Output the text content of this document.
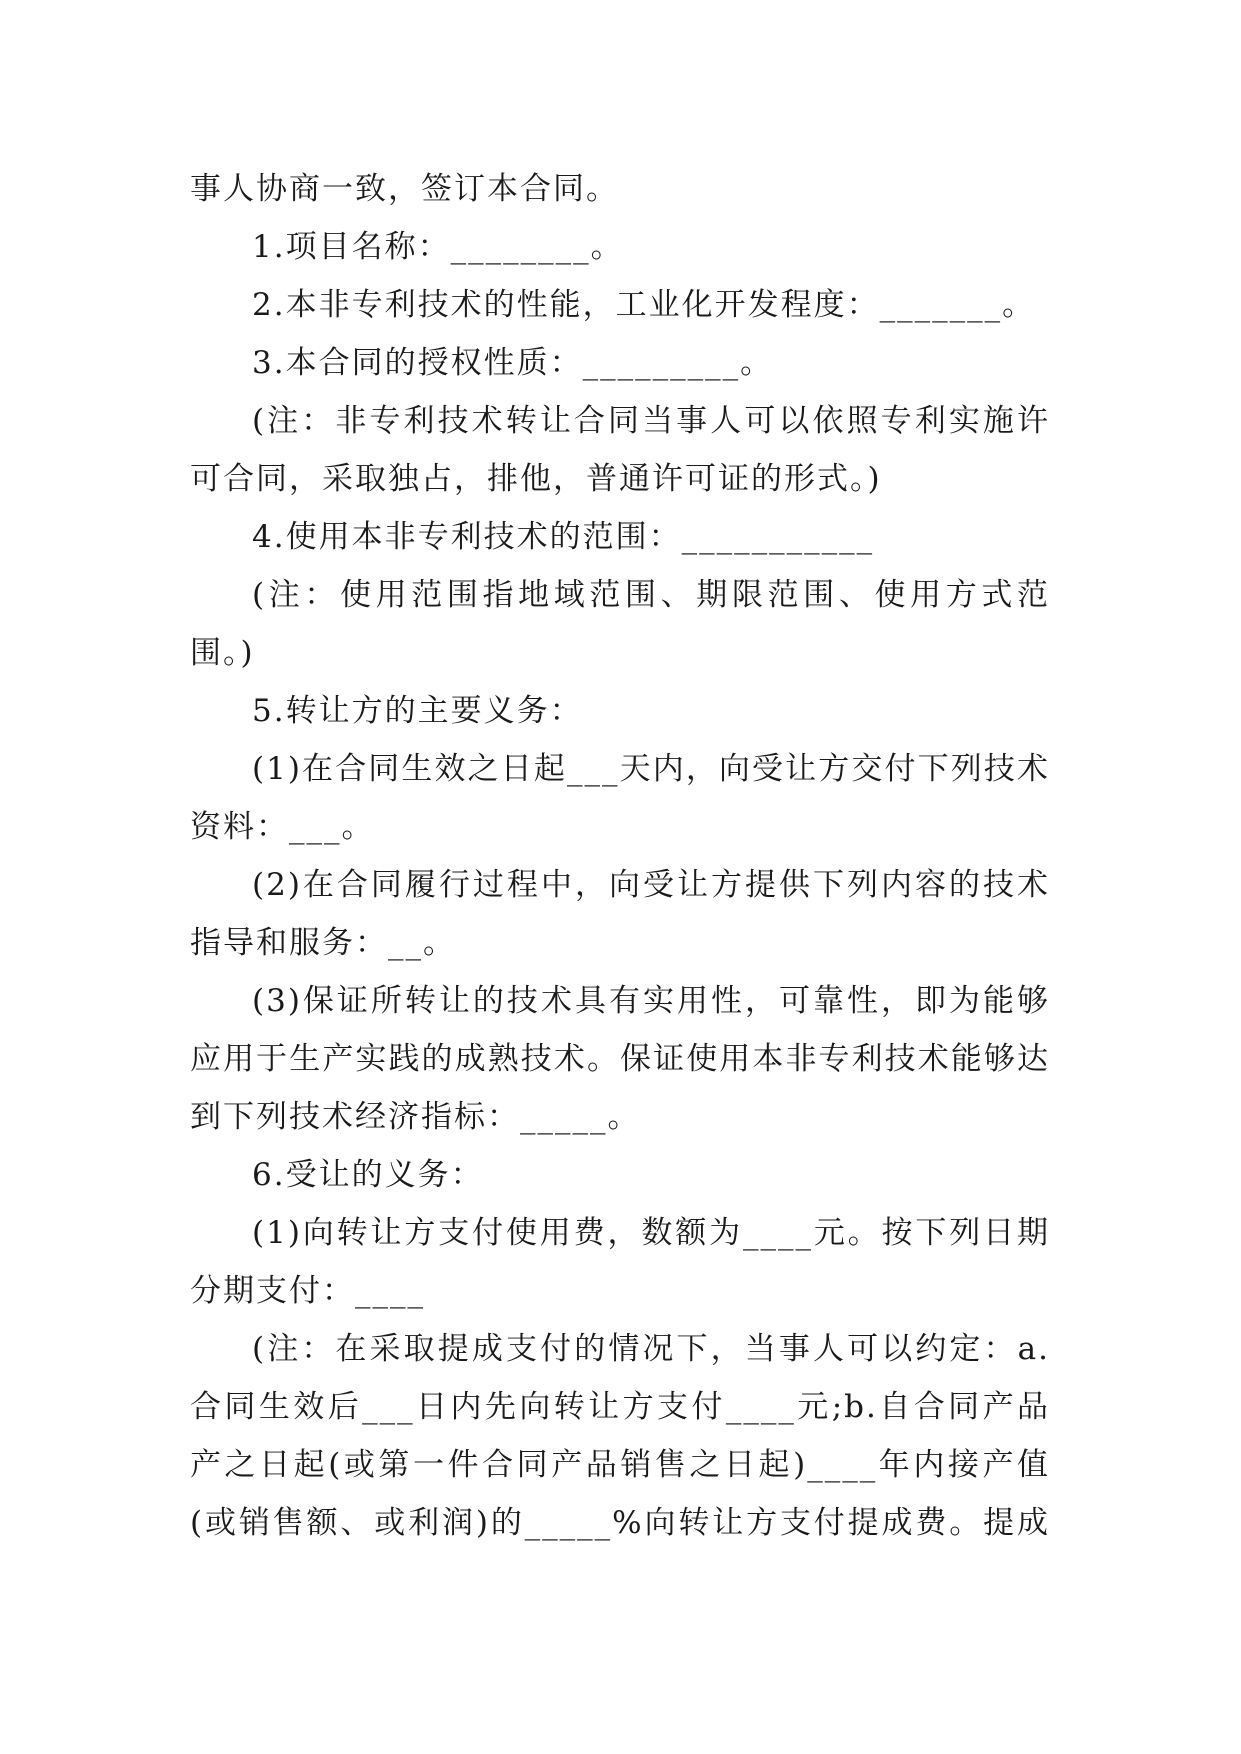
事人协商一致，签订本合同。
1.项目名称：________。
2.本非专利技术的性能，工业化开发程度：_______。
3.本合同的授权性质：_________。
(注：非专利技术转让合同当事人可以依照专利实施许
可合同，采取独占，排他，普通许可证的形式。)
4.使用本非专利技术的范围：___________
(注：使用范围指地域范围、期限范围、使用方式范
围。)
5.转让方的主要义务：
(1)在合同生效之日起___天内，向受让方交付下列技术
资料：___。
(2)在合同履行过程中，向受让方提供下列内容的技术
指导和服务：__。
(3)保证所转让的技术具有实用性，可靠性，即为能够
应用于生产实践的成熟技术。保证使用本非专利技术能够达
到下列技术经济指标：_____。
6.受让的义务：
(1)向转让方支付使用费，数额为____元。按下列日期
分期支付：____
(注：在采取提成支付的情况下，当事人可以约定：a.
合同生效后___日内先向转让方支付____元;b.自合同产品
产之日起(或第一件合同产品销售之日起)____年内接产值
(或销售额、或利润)的_____%向转让方支付提成费。提成
